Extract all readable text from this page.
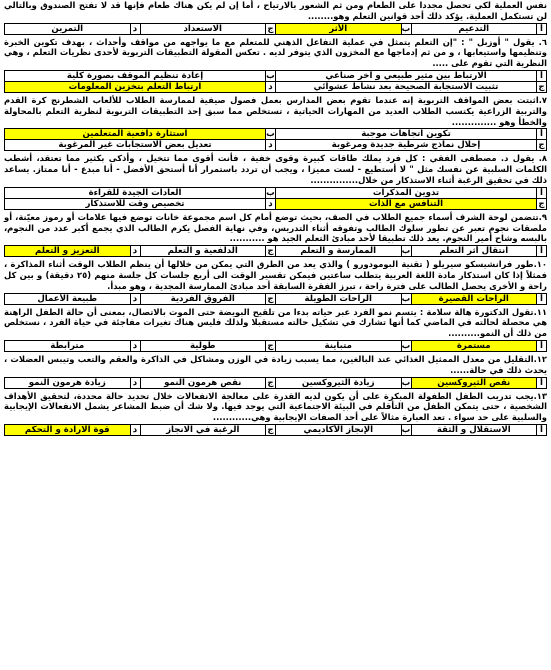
نفس العملية لكي تحصل مجددا على الطعام ومن ثم الشعور بالارتياح ، أما إن لم يكن هناك طعام فإنها قد لا تفتح الصندوق وبالتالي لن تستكمل العملية. يؤكد ذلك أحد قوانين التعلم وهو........
أ	التدعيم	ب	الأثر	ج	الاستعداد	د	التمرين
٦. يقول " أوزبل " : "إن التعلم يتمثل في عملية التفاعل الذهني للمتعلم مع ما يواجهه من مواقف وأحداث ، بهدف تكوين الخبرة وتنظيمها واستيعابها ، و من ثم إدماجها مع المخزون الذي يتوفر لديه . تعكس المقولة التطبيقات التربوية لأحدى نظريات التعلم ، وهي النظرية التي تقوم على .....
أ	الارتباط بين مثير طبيعي و آخر صناعي	ب	إعادة تنظيم الموقف بصورة كلية
ج	تثبيت الاستجابة الصحيحة بعد نشاط عشوائي	د	ارتباط التعلم بتخزين المعلومات
٧.اثبتت بعض المواقف التربوية إنه عندما تقوم بعض المدارس بعمل فصول صيفية لممارسة الطلاب للألعاب الشطرنج كرة القدم والتربية الزراعية يكتسب الطلاب العديد من المهارات الحياتية ، تستخلص مما سبق إحد التطبيقات التربوية لنظرية التعلم بالمحاولة والخطأ وهو ..............
أ	تكوين اتجاهات موجبة	ب	استثارة دافعية المتعلمين
ج	إحلال نماذج شرطية جديدة ومرغوبة	د	تعديل بعض الاستجابات غير المرغوبة
٨. يقول د. مصطفى الفقي : كل فرد يملك طاقات كبيرة وقوى خفية ، فأنت أقوى مما تتخيل ، وأذكى بكثير مما تعتقد، أشطب الكلمات السلبية عن نفسك مثل " لا أستطيع - لست مميزا ، ويجب أن تردد باستمرار أنا أستحق الأفضل - أنا مبدع - أنا ممتاز. يساعد ذلك في تحقيق الرغبة أثناء الاستذكار من خلال...............
أ	تدوين المذكرات	ب	العادات الجيدة للقراءة
ج	التنافس مع الذات	د	تخصيص وقت للاستذكار
٩.تتضمن لوحة الشرف أسماء جميع الطلاب في الصف، بحيث توضع أمام كل اسم مجموعة خانات توضع فيها علامات أو رموز معيّنة، أو ملصقات نجوم تعبر عن تطور سلوك الطالب وتفوقه أثناء التدريس، وفي نهاية الفصل يكرم الطالب الذي يجمع أكبر عدد من النجوم، بالبسه وشاح أمير النجوم. يعد ذلك تطبيقا لأحد مبادئ التعلم الجيد هو ...........
أ	انتقال أثر التعلم	ب	الممارسة و التعلم	ج	الدلفعية و التعلم	د	التعزيز و التعلم
١٠.طور فرانشيسكو سيريلو ( تقنية البومودورو ) والذي يعد من الطرق التي يمكن من خلالها أن ينظم الطلاب الوقت أثناء المذاكرة ، فمثلاً إذا كان استذكار مادة اللغة العربية يتطلب ساعتين فيمكن تقسير الوقت الى أربع جلسات كل جلسة منهم (٢٥ دقيقة) و بين كل راحة و الأخرى يحصل الطالب على فترة راحة ، تبرز الفقرة السابقة أحد مبادئ الممارسة المجدية ، وهو مبدأ.
أ	الراحات القصيرة	ب	الراحات الطويلة	ج	الفروق الفردية	د	طبيعة الأعمال
١١.تقول الدكتورة هالة سلامة : يتسم نمو الفرد عبر حياته بدءا من تلقيح البويضة حتى الموت بالاتصال، بمعنى أن حالة الطفل الراهنة هي محصلة لحالته في الماضي كما أنها تشارك في تشكيل حالته مستقبلا ولذلك فليس هناك تغيرات مفاجئة في حياة الفرد ، نستخلص من ذلك أن النمو..........
أ	مستمرة	ب	متباينة	ج	طولية	د	مترابطة
١٢.التقليل من معدل الممثيل الغذائي عند البالغين، مما يسبب زيادة في الوزن ومشاكل في الذاكرة والعقم والتعب وتيبس العضلات ، يحدث ذلك في حالة......
أ	نقص الثيروكسين	ب	زيادة الثيروكسين	ج	نقص هرمون النمو	د	زيادة هرمون النمو
١٣.يجب تدريب الطفل الطفولة المبكرة على أن يكون لديه القدرة على معالجة الانفعالات خلال تحديد حالة محددة، لتحقيق الأهداف الشخصية ، حتى يتمكن الطفل من التأقلم في البيئة الاجتماعية التي يوجد فيها. ولا شك أن ضبط المشاعر يشمل الانفعالات الإيجابية والسلبية على حد سواء . تعد العبارة مثالاً على أحد الصفات الإيجابية وهي............
أ	الاستقلال و الثقة	ب	الإنجاز الأكاديمي	ج	الرغبة في الانجاز	د	قوة الارادة و التحكم
